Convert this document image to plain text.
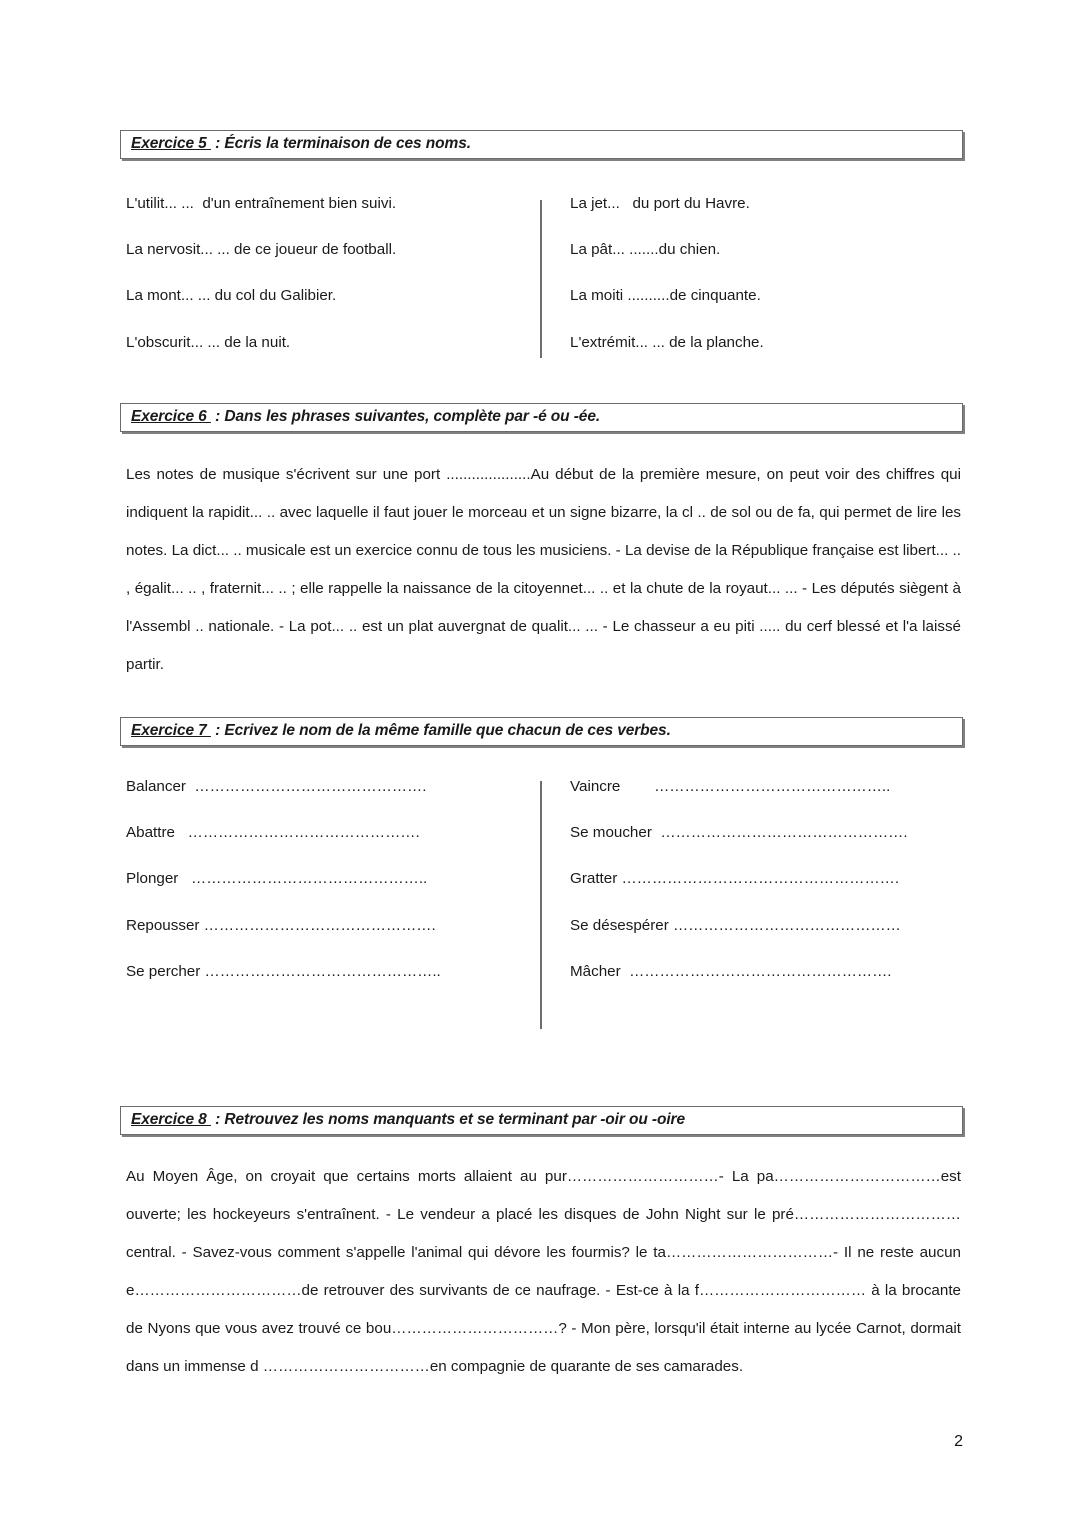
Exercice 5  : Écris la terminaison de ces noms.
L'utilit... ...  d'un entraînement bien suivi.
La nervosit... ... de ce joueur de football.
La mont... ... du col du Galibier.
L'obscurit... ... de la nuit.
La jet...   du port du Havre.
La pât... .......du chien.
La moiti ..........de cinquante.
L'extrémit... ... de la planche.
Exercice 6  : Dans les phrases suivantes, complète par -é ou -ée.
Les notes de musique s'écrivent sur une port ....................Au début de la première mesure, on peut voir des chiffres qui indiquent la rapidit... .. avec laquelle il faut jouer le morceau et un signe bizarre, la cl .. de sol ou de fa, qui permet de lire les notes. La dict... .. musicale est un exercice connu de tous les musiciens. - La devise de la République française est libert... .. , égalit... .. , fraternit... .. ; elle rappelle la naissance de la citoyennet... .. et la chute de la royaut... ... - Les députés siègent à l'Assembl .. nationale. - La pot... .. est un plat auvergnat de qualit... ... - Le chasseur a eu piti ..... du cerf blessé et l'a laissé partir.
Exercice 7  : Ecrivez le nom de la même famille que chacun de ces verbes.
Balancer  ……………………………………….
Abattre   ……………………………………….
Plonger   ………………………………………..
Repousser ……………………………………….
Se percher ………………………………………..
Vaincre        ………………………………………..
Se moucher  ………………………………………….
Gratter ……………………………………………….
Se désespérer ………………………………………
Mâcher  …………………………………………….
Exercice 8  : Retrouvez les noms manquants et se terminant par -oir ou -oire
Au Moyen Âge, on croyait que certains morts allaient au pur…………………………- La pa……………………………est ouverte; les hockeyeurs s'entraînent. - Le vendeur a placé les disques de John Night sur le pré……………………………central. - Savez-vous comment s'appelle l'animal qui dévore les fourmis? le ta……………………………- Il ne reste aucun e……………………………de retrouver des survivants de ce naufrage. - Est-ce à la f…………………………… à la brocante de Nyons que vous avez trouvé ce bou……………………………? - Mon père, lorsqu'il était interne au lycée Carnot, dormait dans un immense d ……………………………en compagnie de quarante de ses camarades.
2
